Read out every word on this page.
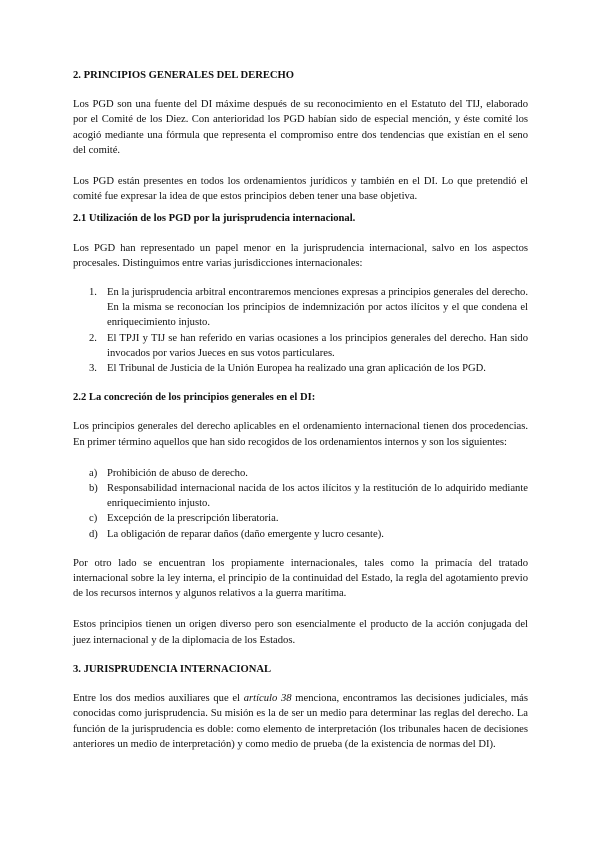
2. PRINCIPIOS GENERALES DEL DERECHO

Los PGD son una fuente del DI máxime después de su reconocimiento en el Estatuto del TIJ, elaborado por el Comité de los Diez. Con anterioridad los PGD habían sido de especial mención, y éste comité los acogió mediante una fórmula que representa el compromiso entre dos tendencias que existían en el seno del comité.

Los PGD están presentes en todos los ordenamientos jurídicos y también en el DI. Lo que pretendió el comité fue expresar la idea de que estos principios deben tener una base objetiva.

2.1 Utilización de los PGD por la jurisprudencia internacional.

Los PGD han representado un papel menor en la jurisprudencia internacional, salvo en los aspectos procesales. Distinguimos entre varias jurisdicciones internacionales:

1. En la jurisprudencia arbitral encontraremos menciones expresas a principios generales del derecho. En la misma se reconocían los principios de indemnización por actos ilícitos y el que condena el enriquecimiento injusto.
2. El TPJI y TIJ se han referido en varias ocasiones a los principios generales del derecho. Han sido invocados por varios Jueces en sus votos particulares.
3. El Tribunal de Justicia de la Unión Europea ha realizado una gran aplicación de los PGD.
2.2 La concreción de los principios generales en el DI:

Los principios generales del derecho aplicables en el ordenamiento internacional tienen dos procedencias. En primer término aquellos que han sido recogidos de los ordenamientos internos y son los siguientes:

a) Prohibición de abuso de derecho.
b) Responsabilidad internacional nacida de los actos ilícitos y la restitución de lo adquirido mediante enriquecimiento injusto.
c) Excepción de la prescripción liberatoria.
d) La obligación de reparar daños (daño emergente y lucro cesante).

Por otro lado se encuentran los propiamente internacionales, tales como la primacía del tratado internacional sobre la ley interna, el principio de la continuidad del Estado, la regla del agotamiento previo de los recursos internos y algunos relativos a la guerra marítima.

Estos principios tienen un origen diverso pero son esencialmente el producto de la acción conjugada del juez internacional y de la diplomacia de los Estados.

3. JURISPRUDENCIA INTERNACIONAL

Entre los dos medios auxiliares que el artículo 38 menciona, encontramos las decisiones judiciales, más conocidas como jurisprudencia. Su misión es la de ser un medio para determinar las reglas del derecho. La función de la jurisprudencia es doble: como elemento de interpretación (los tribunales hacen de decisiones anteriores un medio de interpretación) y como medio de prueba (de la existencia de normas del DI).
